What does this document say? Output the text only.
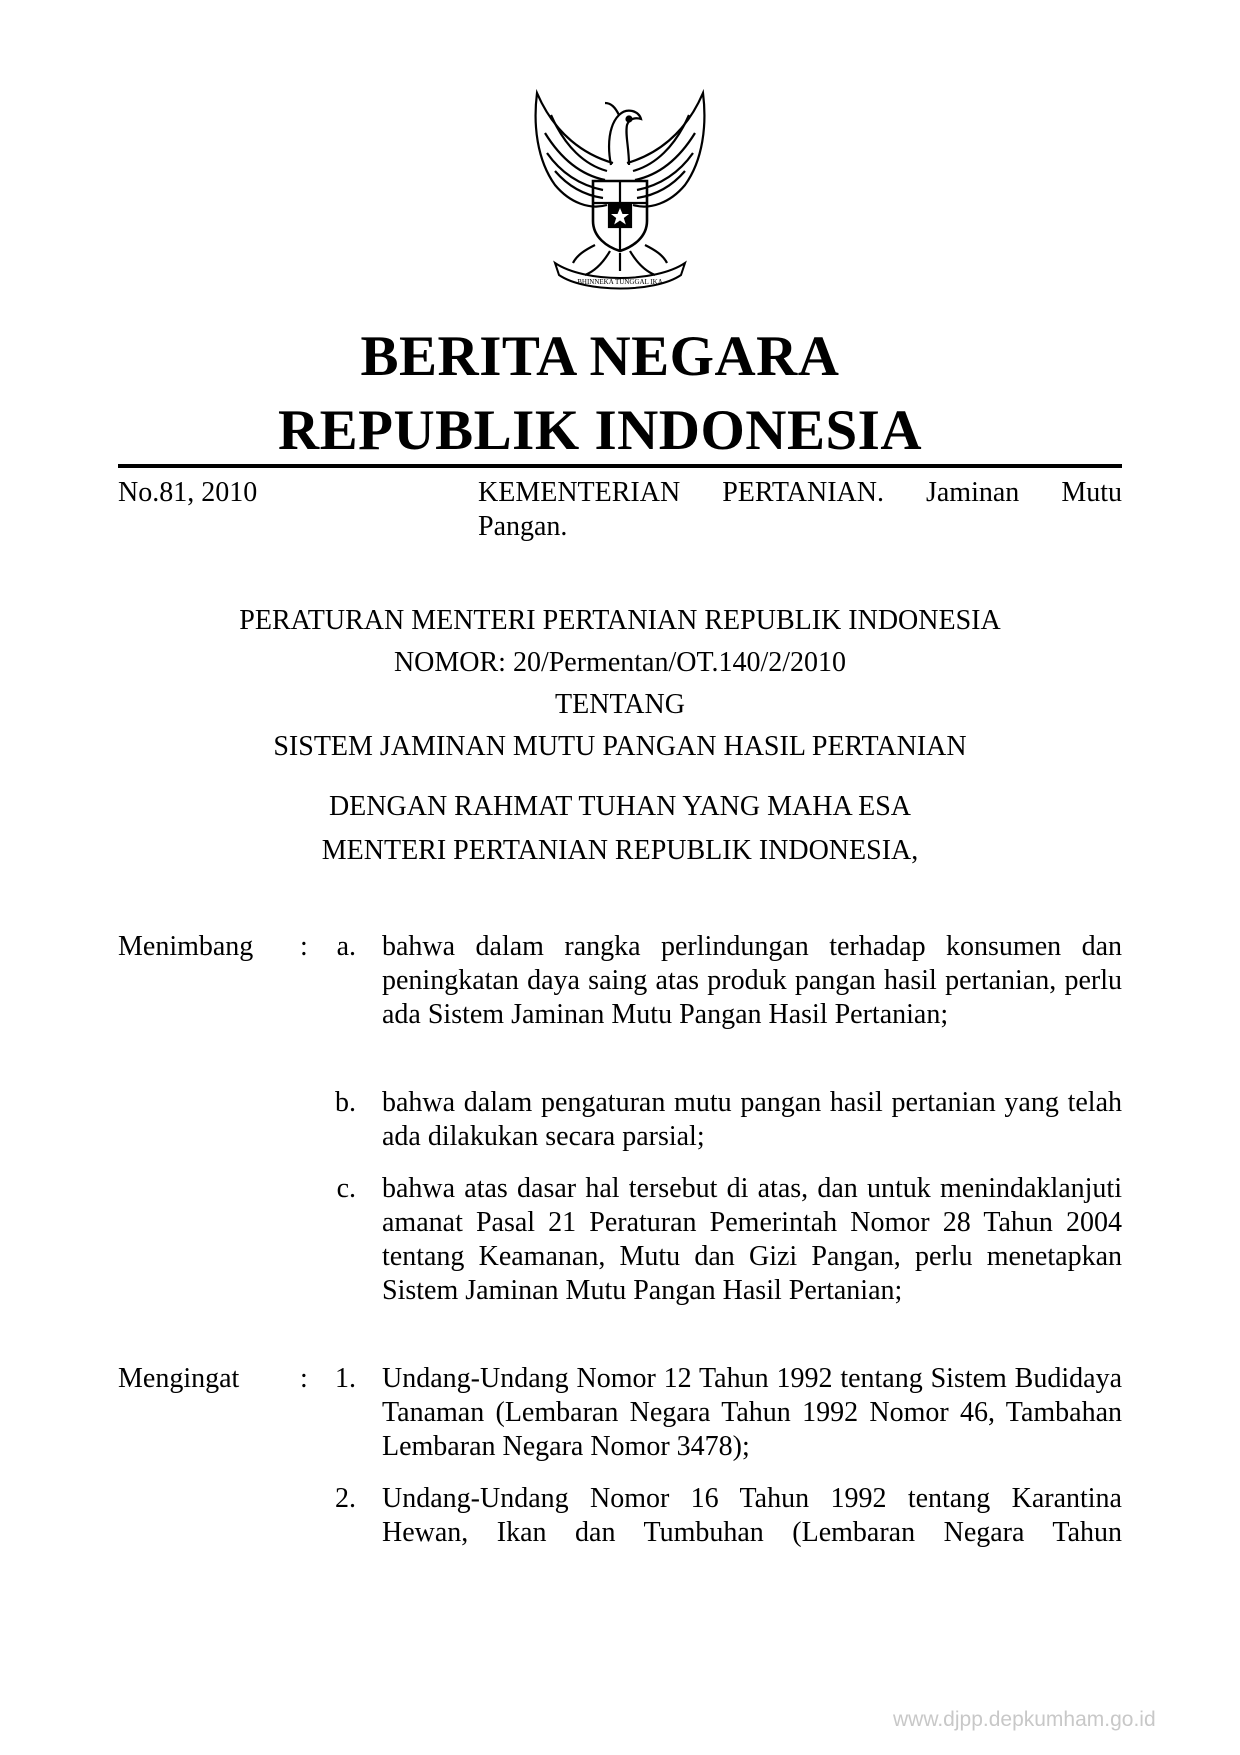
BHINNEKA TUNGGAL IKA
BERITA NEGARA
REPUBLIK INDONESIA
No.81, 2010	KEMENTERIAN PERTANIAN. Jaminan Mutu
Pangan.
PERATURAN MENTERI PERTANIAN REPUBLIK INDONESIA
NOMOR: 20/Permentan/OT.140/2/2010
TENTANG
SISTEM JAMINAN MUTU PANGAN HASIL PERTANIAN
DENGAN RAHMAT TUHAN YANG MAHA ESA
MENTERI PERTANIAN REPUBLIK INDONESIA,
Menimbang :	a. bahwa dalam rangka perlindungan terhadap konsumen dan peningkatan daya saing atas produk pangan hasil pertanian, perlu ada Sistem Jaminan Mutu Pangan Hasil Pertanian;
b. bahwa dalam pengaturan mutu pangan hasil pertanian yang telah ada dilakukan secara parsial;
c. bahwa atas dasar hal tersebut di atas, dan untuk menindaklanjuti amanat Pasal 21 Peraturan Pemerintah Nomor 28 Tahun 2004 tentang Keamanan, Mutu dan Gizi Pangan, perlu menetapkan Sistem Jaminan Mutu Pangan Hasil Pertanian;
Mengingat : 1. Undang-Undang Nomor 12 Tahun 1992 tentang Sistem Budidaya Tanaman (Lembaran Negara Tahun 1992 Nomor 46, Tambahan Lembaran Negara Nomor 3478);
2. Undang-Undang Nomor 16 Tahun 1992 tentang Karantina Hewan, Ikan dan Tumbuhan (Lembaran Negara Tahun
www.djpp.depkumham.go.id
